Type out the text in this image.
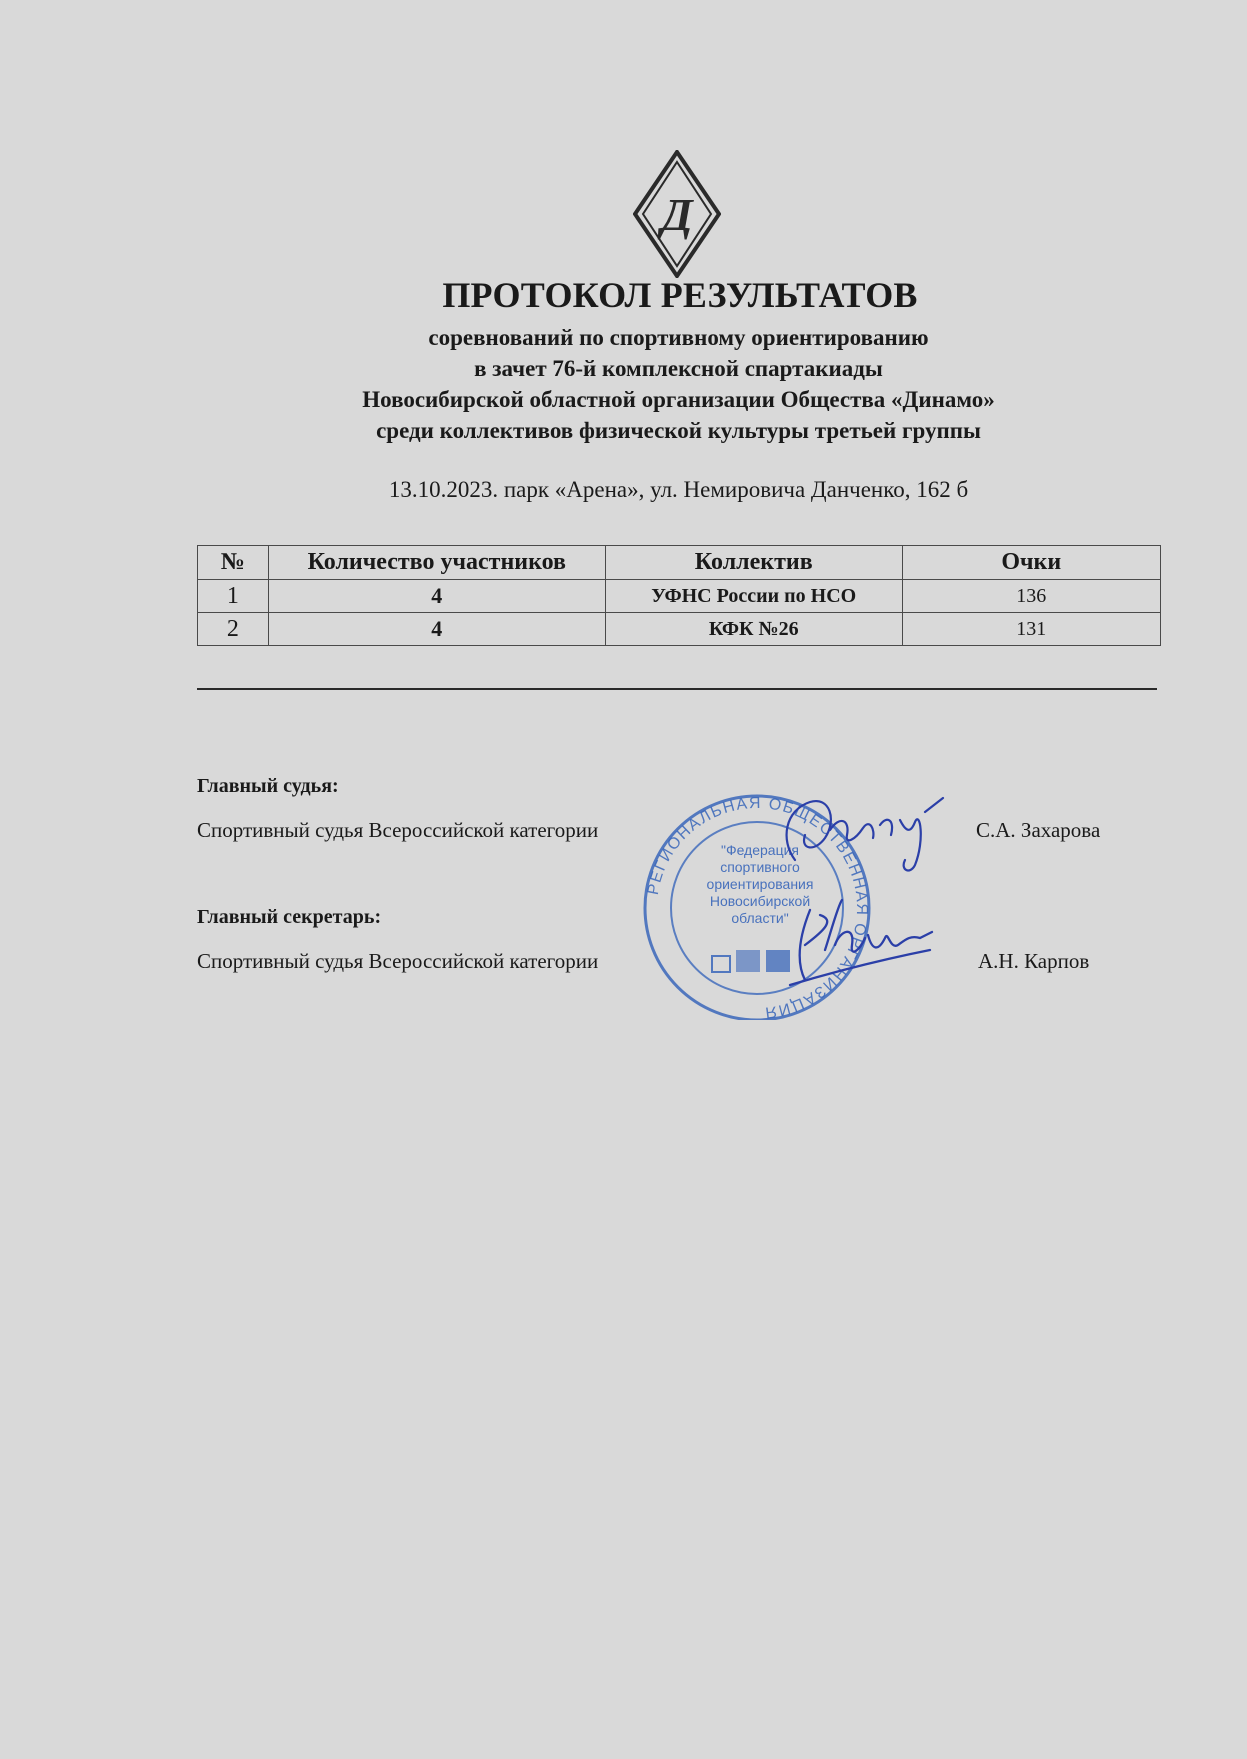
Д
ПРОТОКОЛ РЕЗУЛЬТАТОВ
соревнований по спортивному ориентированию
в зачет 76-й комплексной спартакиады
Новосибирской областной организации Общества «Динамо»
среди коллективов физической культуры третьей группы
13.10.2023. парк «Арена», ул. Немировича Данченко, 162 б
№	Количество участников	Коллектив	Очки
1	4	УФНС России по НСО	136
2	4	КФК №26	131
Главный судья:
Спортивный судья Всероссийской категории	С.А. Захарова
Главный секретарь:
Спортивный судья Всероссийской категории	А.Н. Карпов
РЕГИОНАЛЬНАЯ ОБЩЕСТВЕННАЯ ОРГАНИЗАЦИЯ
"Федерация
спортивного
ориентирования
Новосибирской
области"
